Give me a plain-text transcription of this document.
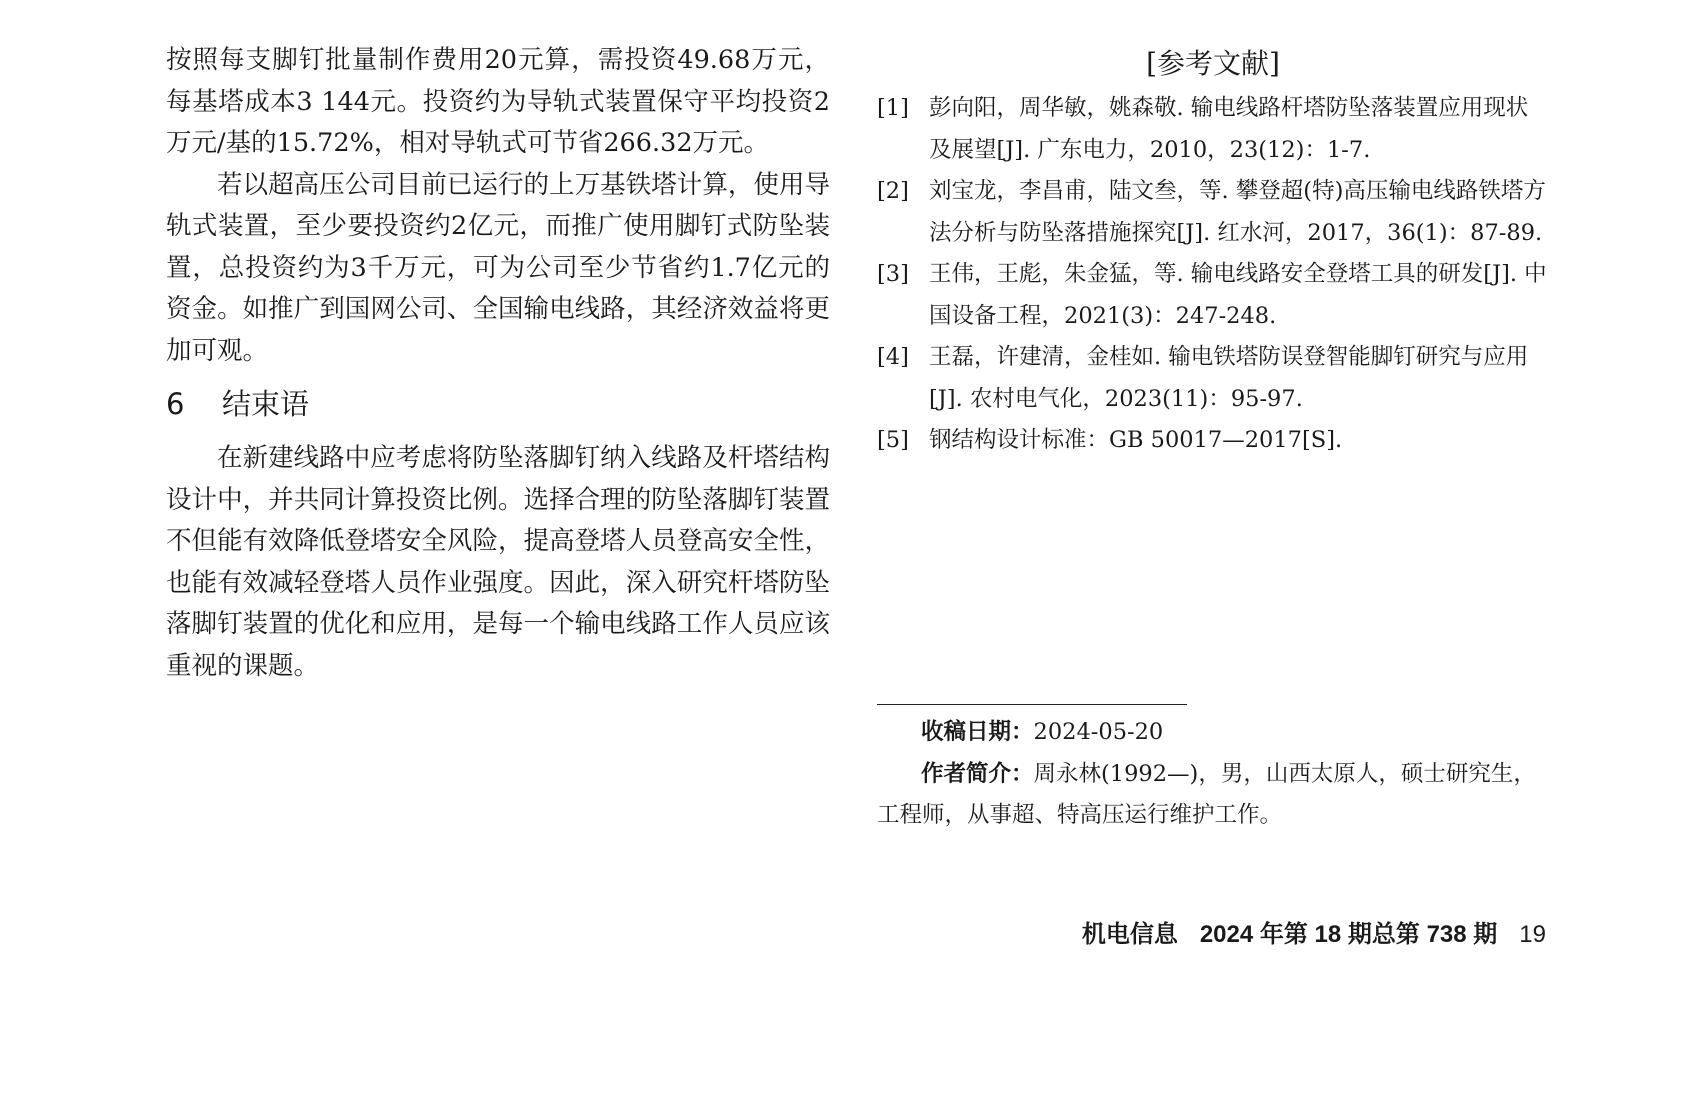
按照每支脚钉批量制作费用20元算，需投资49.68万元，每基塔成本3 144元。投资约为导轨式装置保守平均投资2万元/基的15.72%，相对导轨式可节省266.32万元。

若以超高压公司目前已运行的上万基铁塔计算，使用导轨式装置，至少要投资约2亿元，而推广使用脚钉式防坠装置，总投资约为3千万元，可为公司至少节省约1.7亿元的资金。如推广到国网公司、全国输电线路，其经济效益将更加可观。

6 结束语

在新建线路中应考虑将防坠落脚钉纳入线路及杆塔结构设计中，并共同计算投资比例。选择合理的防坠落脚钉装置不但能有效降低登塔安全风险，提高登塔人员登高安全性，也能有效减轻登塔人员作业强度。因此，深入研究杆塔防坠落脚钉装置的优化和应用，是每一个输电线路工作人员应该重视的课题。

[参考文献]

[1] 彭向阳，周华敏，姚森敬. 输电线路杆塔防坠落装置应用现状及展望[J]. 广东电力，2010，23(12)：1-7.

[2] 刘宝龙，李昌甫，陆文叁，等. 攀登超(特)高压输电线路铁塔方法分析与防坠落措施探究[J]. 红水河，2017，36(1)：87-89.

[3] 王伟，王彪，朱金猛，等. 输电线路安全登塔工具的研发[J]. 中国设备工程，2021(3)：247-248.

[4] 王磊，许建清，金桂如. 输电铁塔防误登智能脚钉研究与应用[J]. 农村电气化，2023(11)：95-97.

[5] 钢结构设计标准：GB 50017—2017[S].

收稿日期：2024-05-20

作者简介：周永林(1992—)，男，山西太原人，硕士研究生，工程师，从事超、特高压运行维护工作。

机电信息 2024 年第 18 期总第 738 期 19
